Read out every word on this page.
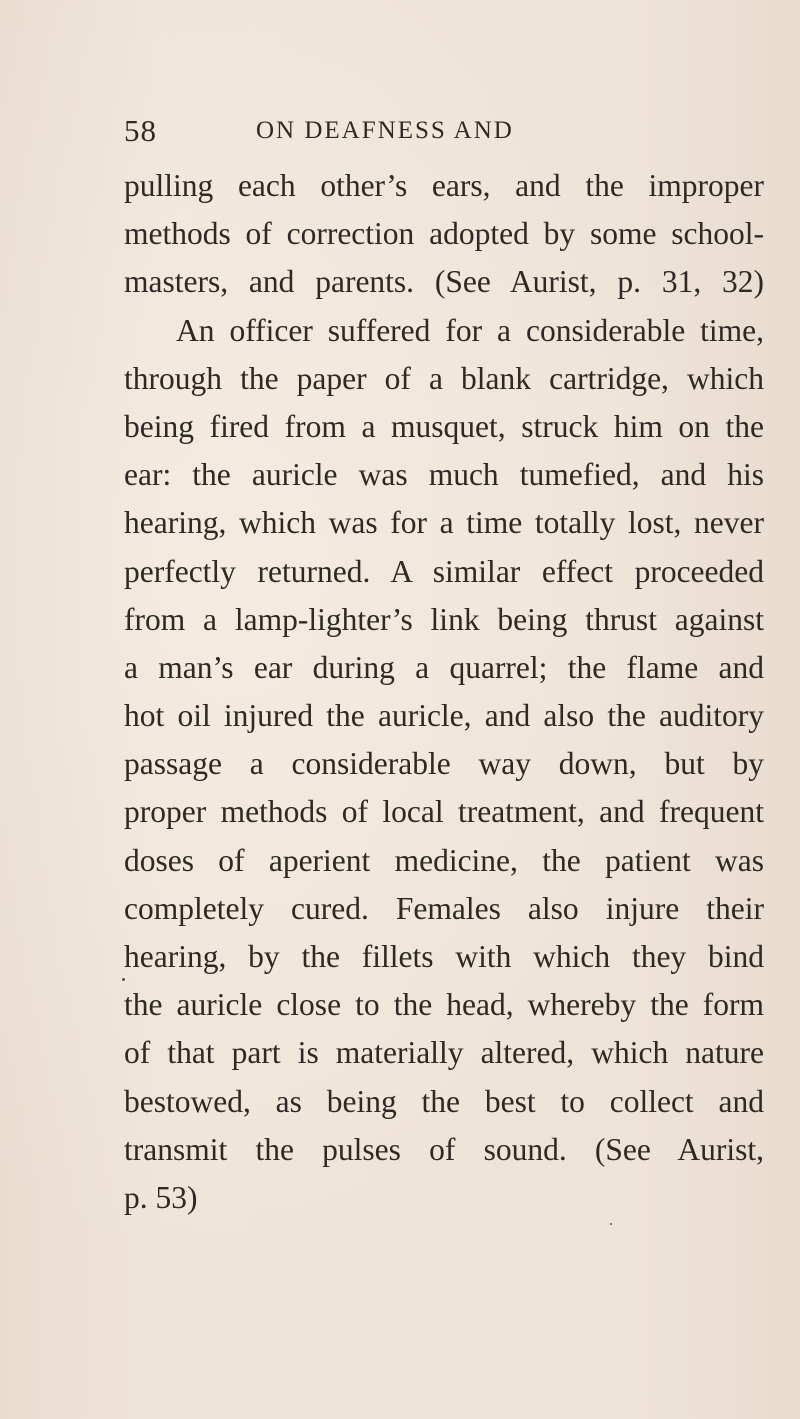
58	ON DEAFNESS AND
pulling each other’s ears, and the improper
methods of correction adopted by some school-
masters, and parents. (See Aurist, p. 31, 32)
An officer suffered for a considerable time,
through the paper of a blank cartridge, which
being fired from a musquet, struck him on the
ear: the auricle was much tumefied, and his
hearing, which was for a time totally lost, never
perfectly returned. A similar effect proceeded
from a lamp-lighter’s link being thrust against
a man’s ear during a quarrel; the flame and
hot oil injured the auricle, and also the auditory
passage a considerable way down, but by
proper methods of local treatment, and frequent
doses of aperient medicine, the patient was
completely cured. Females also injure their
hearing, by the fillets with which they bind
the auricle close to the head, whereby the form
of that part is materially altered, which nature
bestowed, as being the best to collect and
transmit the pulses of sound. (See Aurist,
p. 53)
